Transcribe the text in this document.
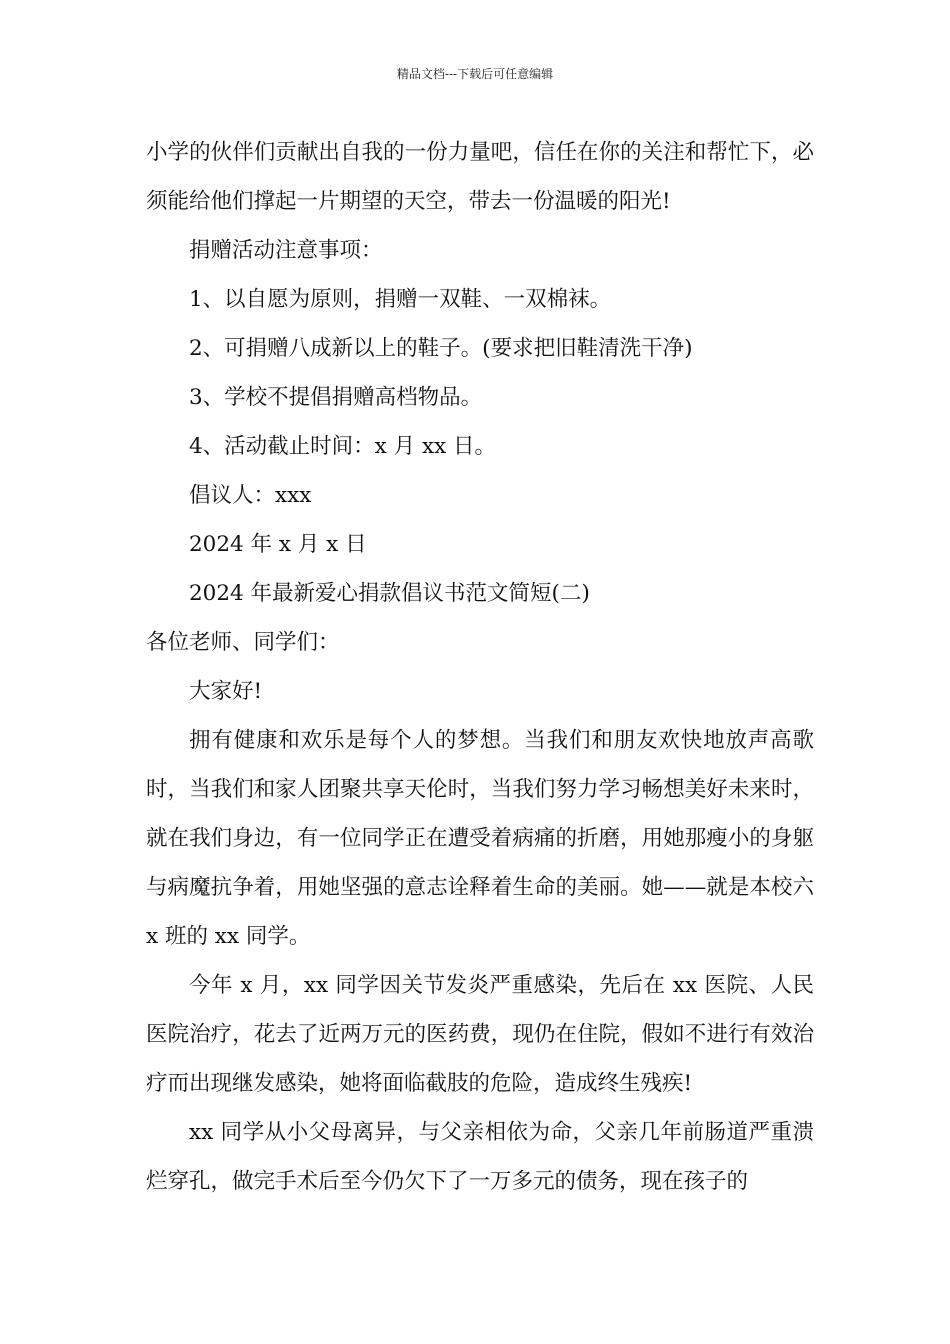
精品文档---下载后可任意编辑

小学的伙伴们贡献出自我的一份力量吧，信任在你的关注和帮忙下，必须能给他们撑起一片期望的天空，带去一份温暖的阳光!

捐赠活动注意事项：

1、以自愿为原则，捐赠一双鞋、一双棉袜。

2、可捐赠八成新以上的鞋子。(要求把旧鞋清洗干净)

3、学校不提倡捐赠高档物品。

4、活动截止时间：x 月 xx 日。

倡议人：xxx

2024 年 x 月 x 日

2024 年最新爱心捐款倡议书范文简短(二)

各位老师、同学们：

大家好!

拥有健康和欢乐是每个人的梦想。当我们和朋友欢快地放声高歌时，当我们和家人团聚共享天伦时，当我们努力学习畅想美好未来时，就在我们身边，有一位同学正在遭受着病痛的折磨，用她那瘦小的身躯与病魔抗争着，用她坚强的意志诠释着生命的美丽。她——就是本校六 x 班的 xx 同学。

今年 x 月，xx 同学因关节发炎严重感染，先后在 xx 医院、人民医院治疗，花去了近两万元的医药费，现仍在住院，假如不进行有效治疗而出现继发感染，她将面临截肢的危险，造成终生残疾!

xx 同学从小父母离异，与父亲相依为命，父亲几年前肠道严重溃烂穿孔，做完手术后至今仍欠下了一万多元的债务，现在孩子的
